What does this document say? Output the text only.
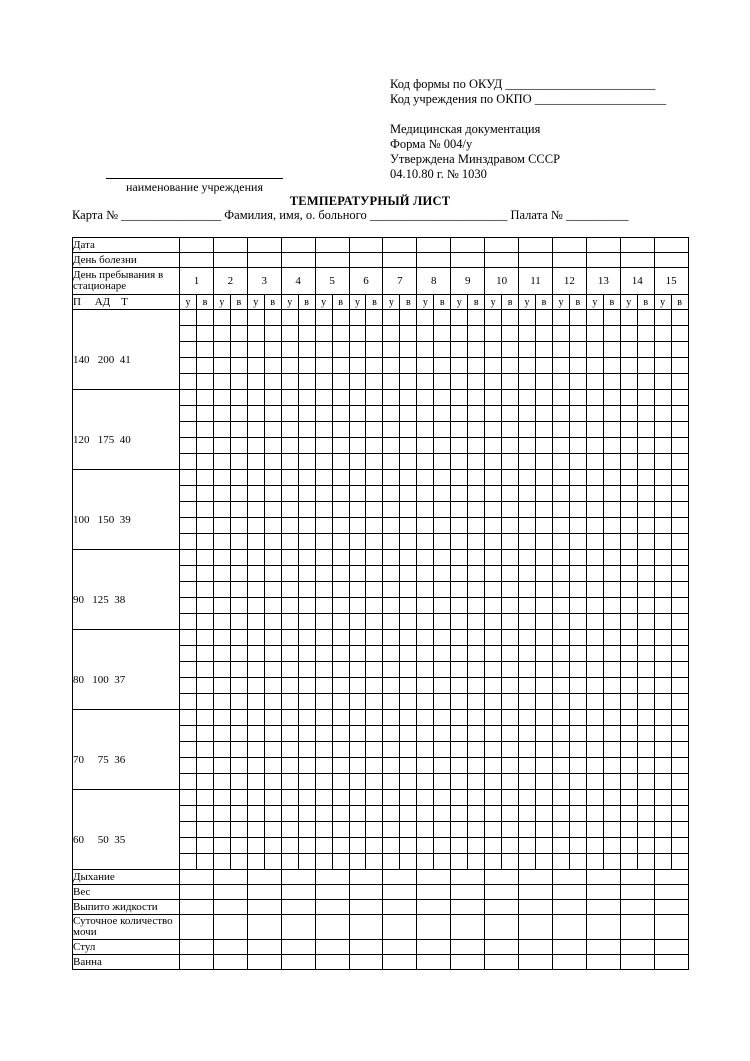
Код формы по ОКУД ________________________
Код учреждения по ОКПО _____________________

Медицинская документация
Форма № 004/у
Утверждена Минздравом СССР
04.10.80 г. № 1030
наименование учреждения
ТЕМПЕРАТУРНЫЙ ЛИСТ
Карта № ________________ Фамилия, имя, о. больного ______________________ Палата № __________
Дата																														
День болезни																														
День пребывания в стационаре	1		2		3		4		5		6		7		8		9		10		11		12		13		14		15	
П     АД    Т	у	в	у	в	у	в	у	в	у	в	у	в	у	в	у	в	у	в	у	в	у	в	у	в	у	в	у	в	у	в

140   200  41																														

120   175  40																														

100   150  39																														

90   125  38																														

80   100  37																														

70     75  36																														

60     50  35																														

Дыхание																														
Вес																														
Выпито жидкости																														
Суточное количество мочи																														
Стул																														
Ванна																														
